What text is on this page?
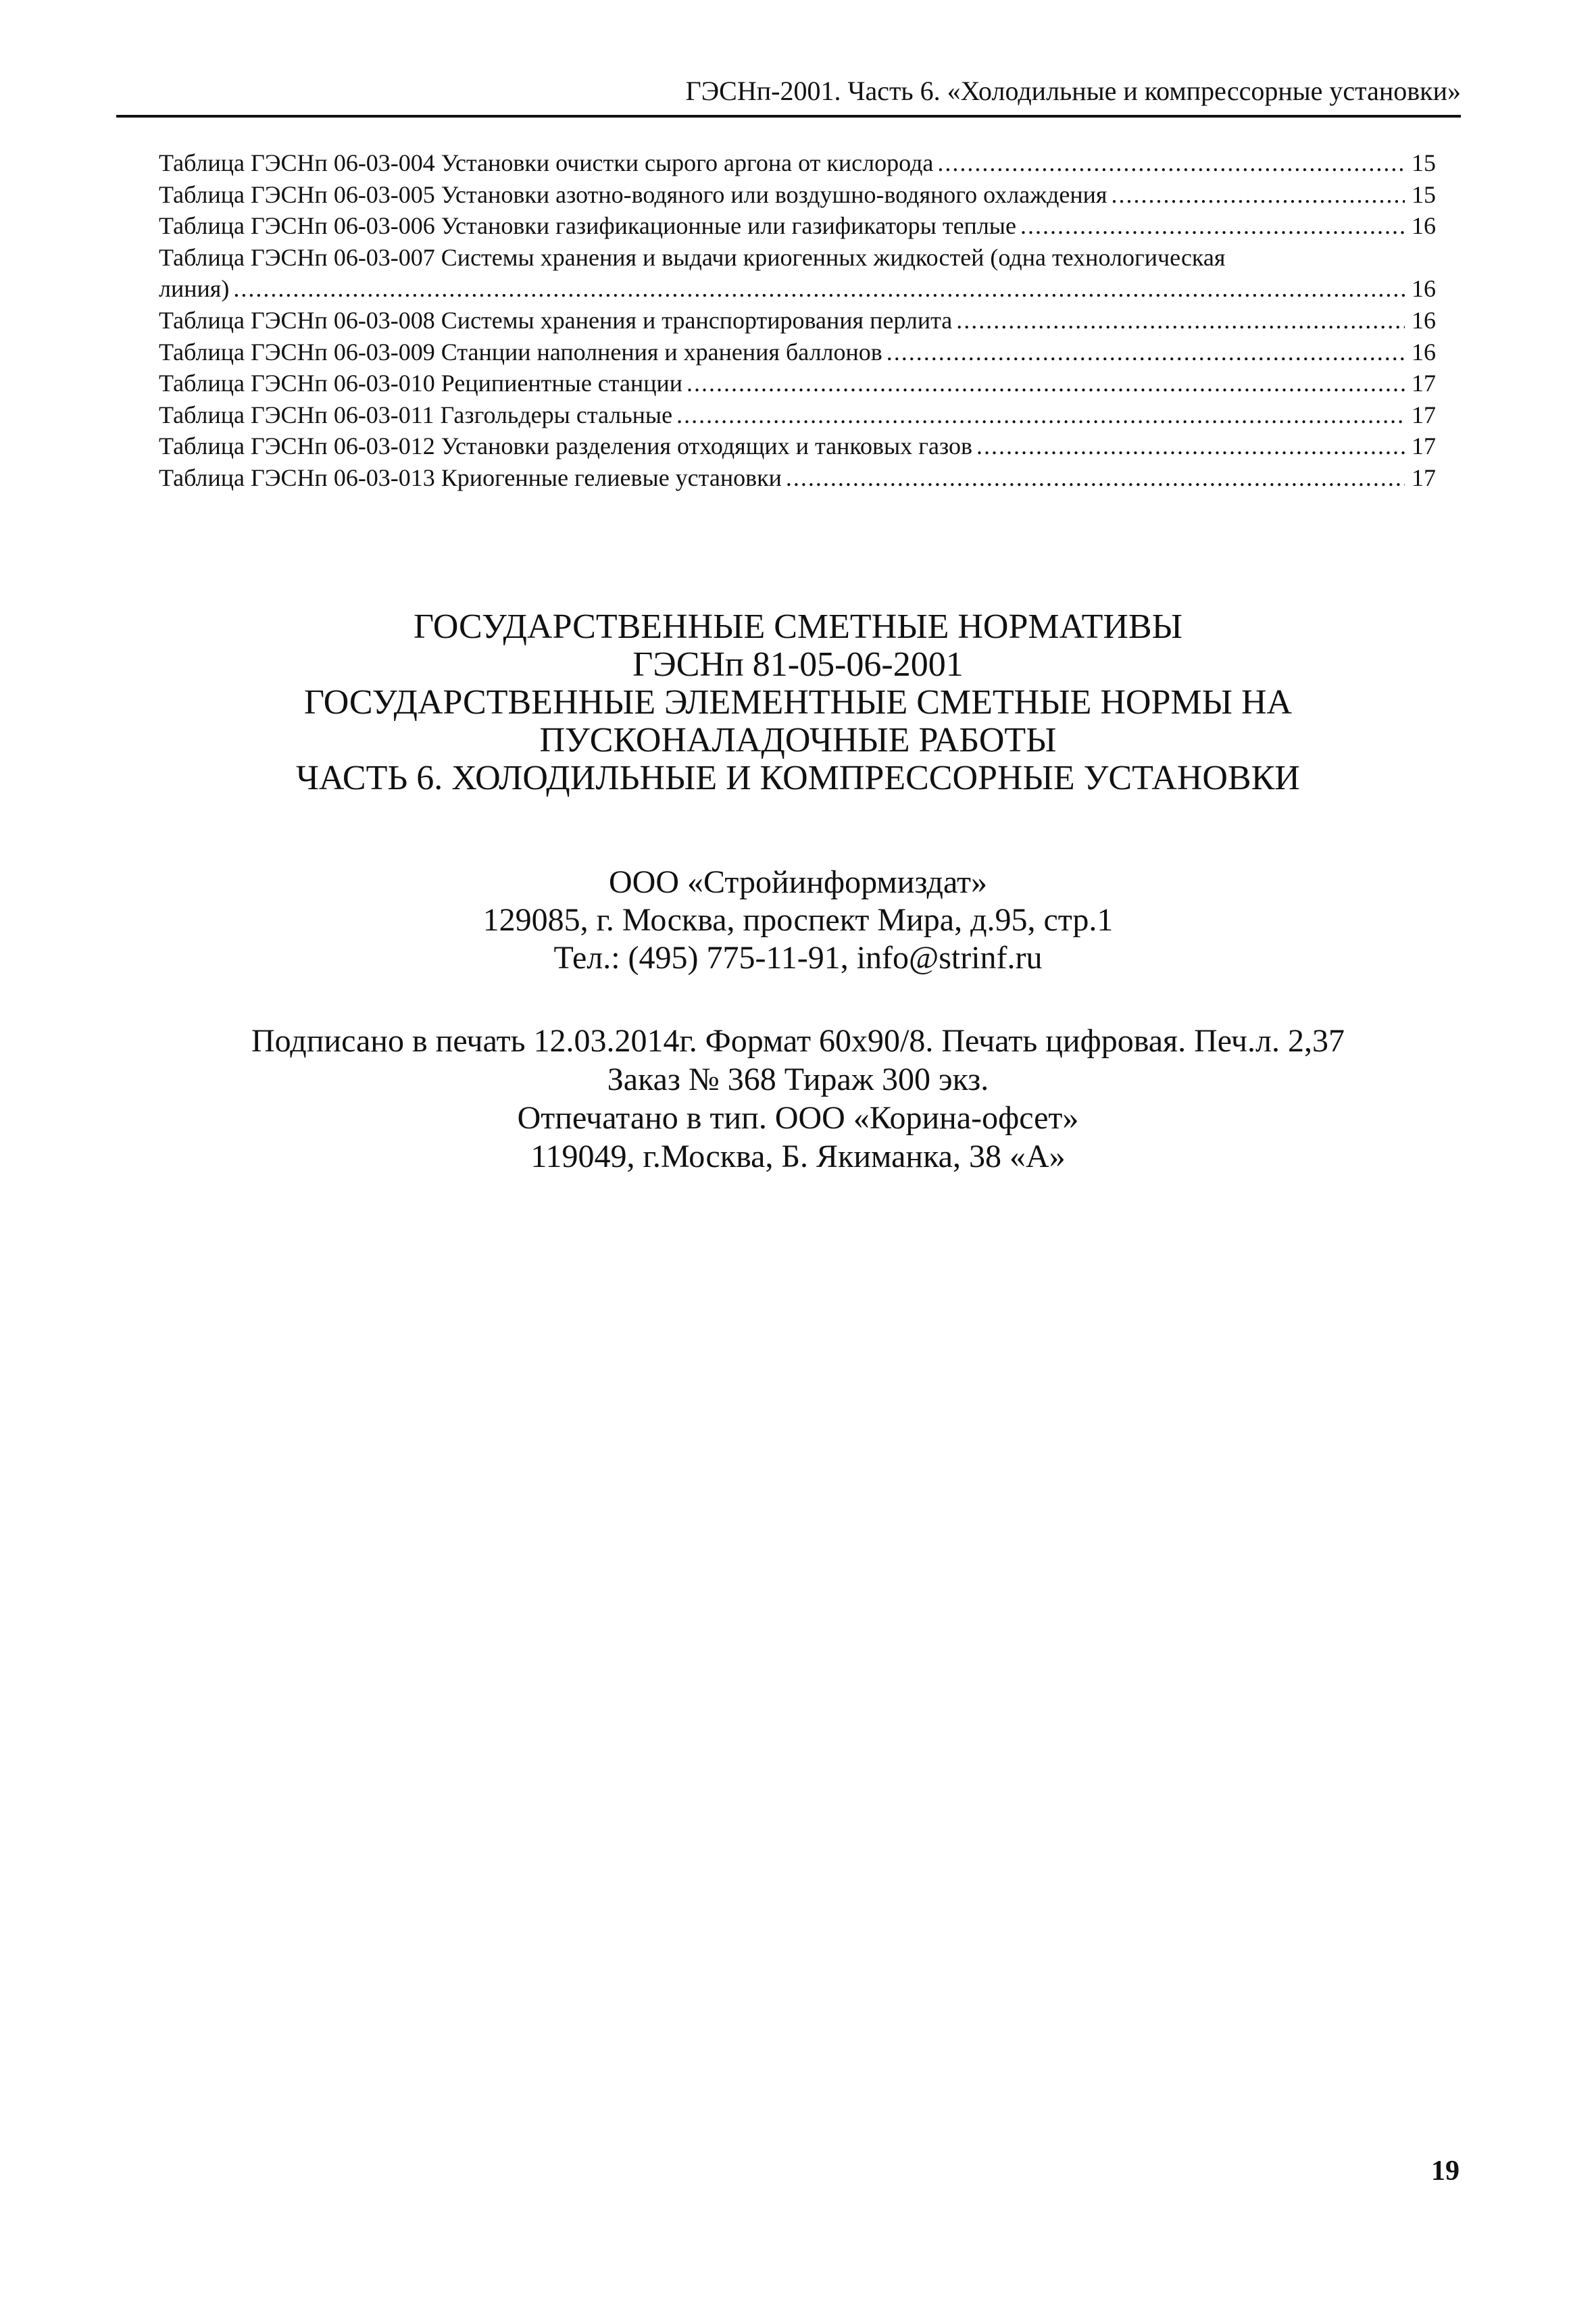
ГЭСНп-2001. Часть 6. «Холодильные и компрессорные установки»
Таблица ГЭСНп 06-03-004 Установки очистки сырого аргона от кислорода .....	15
Таблица ГЭСНп 06-03-005 Установки азотно-водяного или воздушно-водяного охлаждения .....	15
Таблица ГЭСНп 06-03-006 Установки газификационные или газификаторы теплые .....	16
Таблица ГЭСНп 06-03-007 Системы хранения и выдачи криогенных жидкостей (одна технологическая
линия) .....	16
Таблица ГЭСНп 06-03-008 Системы хранения и транспортирования перлита .....	16
Таблица ГЭСНп 06-03-009 Станции наполнения и хранения баллонов .....	16
Таблица ГЭСНп 06-03-010 Реципиентные станции .....	17
Таблица ГЭСНп 06-03-011 Газгольдеры стальные .....	17
Таблица ГЭСНп 06-03-012 Установки разделения отходящих и танковых газов .....	17
Таблица ГЭСНп 06-03-013 Криогенные гелиевые установки .....	17
ГОСУДАРСТВЕННЫЕ СМЕТНЫЕ НОРМАТИВЫ
ГЭСНп 81-05-06-2001
ГОСУДАРСТВЕННЫЕ ЭЛЕМЕНТНЫЕ СМЕТНЫЕ НОРМЫ НА
ПУСКОНАЛАДОЧНЫЕ РАБОТЫ
ЧАСТЬ 6. ХОЛОДИЛЬНЫЕ И КОМПРЕССОРНЫЕ УСТАНОВКИ
ООО «Стройинформиздат»
129085, г. Москва, проспект Мира, д.95, стр.1
Тел.: (495) 775-11-91, info@strinf.ru
Подписано в печать 12.03.2014г. Формат 60х90/8. Печать цифровая. Печ.л. 2,37
Заказ № 368 Тираж 300 экз.
Отпечатано в тип. ООО «Корина-офсет»
119049, г.Москва, Б. Якиманка, 38 «А»
19
